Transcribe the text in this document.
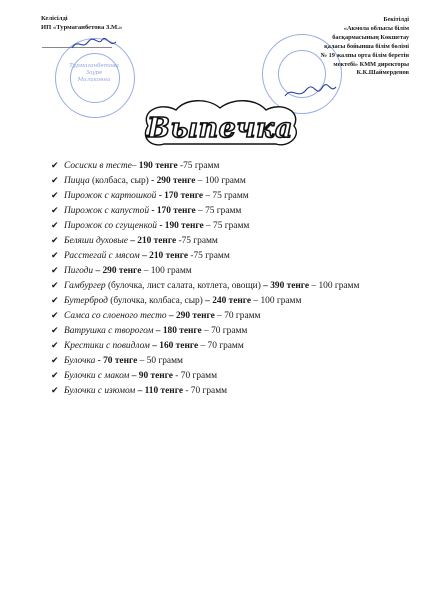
Келісілді
ИП «Турмаганбетова З.М.»
Турмаганбетова
Зауре
Маликовна
Бекітілді
«Акмола облысы білім
басқармасының Көкшетау
қаласы бойынша білім бөлімі
№ 19 жалпы орта білім беретін
мектебі» КММ директоры
К.К.Шаймерденов
Выпечка
✔ Сосиски в тесте– 190 тенге -75 грамм
✔ Пицца (колбаса, сыр) - 290 тенге – 100 грамм
✔ Пирожок с картошкой - 170 тенге – 75 грамм
✔ Пирожок с капустой - 170 тенге – 75 грамм
✔ Пирожок со сгущенкой - 190 тенге – 75 грамм
✔ Беляши духовые – 210 тенге -75 грамм
✔ Расстегай с мясом – 210 тенге -75 грамм
✔ Пигоди – 290 тенге – 100 грамм
✔ Гамбургер (булочка, лист салата, котлета, овощи) – 390 тенге – 100 грамм
✔ Бутерброд (булочка, колбаса, сыр) – 240 тенге – 100 грамм
✔ Самса со слоеного тесто – 290 тенге – 70 грамм
✔ Ватрушка с творогом – 180 тенге – 70 грамм
✔ Крестики с повидлом – 160 тенге – 70 грамм
✔ Булочка - 70 тенге – 50 грамм
✔ Булочки с маком – 90 тенге - 70 грамм
✔ Булочки с изюмом – 110 тенге - 70 грамм
